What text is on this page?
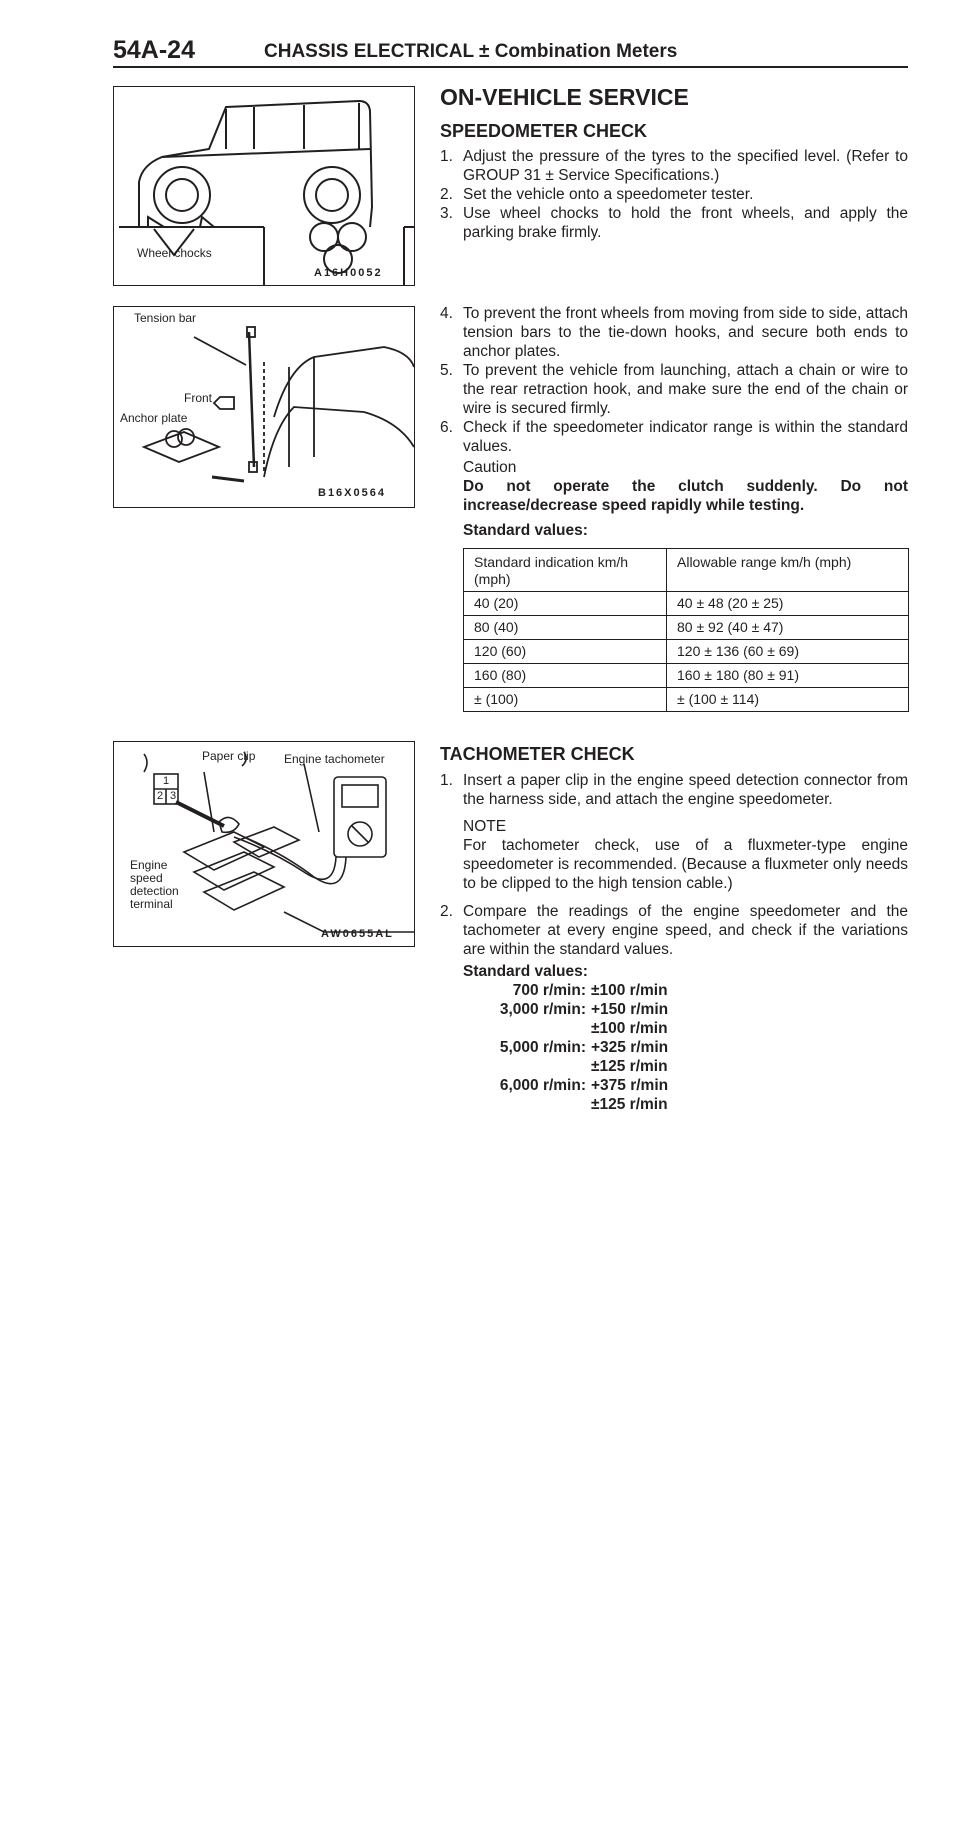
54A-24	CHASSIS ELECTRICAL ± Combination Meters
Wheel chocks
A16H0052
Tension bar
Front
Anchor plate
B16X0564
1
2 3
Paper clip Engine tachometer
Engine
speed
detection
terminal
AW0655AL
ON-VEHICLE SERVICE
SPEEDOMETER CHECK
1. Adjust the pressure of the tyres to the specified level. (Refer to GROUP 31 ± Service Specifications.)
2. Set the vehicle onto a speedometer tester.
3. Use wheel chocks to hold the front wheels, and apply the parking brake firmly.
4. To prevent the front wheels from moving from side to side, attach tension bars to the tie-down hooks, and secure both ends to anchor plates.
5. To prevent the vehicle from launching, attach a chain or wire to the rear retraction hook, and make sure the end of the chain or wire is secured firmly.
6. Check if the speedometer indicator range is within the standard values.
Caution
Do not operate the clutch suddenly. Do not increase/decrease speed rapidly while testing.
Standard values:
Standard indication km/h (mph)	Allowable range km/h (mph)
40 (20)	40 ± 48 (20 ± 25)
80 (40)	80 ± 92 (40 ± 47)
120 (60)	120 ± 136 (60 ± 69)
160 (80)	160 ± 180 (80 ± 91)
± (100)	± (100 ± 114)
TACHOMETER CHECK
1. Insert a paper clip in the engine speed detection connector from the harness side, and attach the engine speedometer.
NOTE
For tachometer check, use of a fluxmeter-type engine speedometer is recommended. (Because a fluxmeter only needs to be clipped to the high tension cable.)
2. Compare the readings of the engine speedometer and the tachometer at every engine speed, and check if the variations are within the standard values.
Standard values:
700 r/min: ±100 r/min
3,000 r/min: +150 r/min
±100 r/min
5,000 r/min: +325 r/min
±125 r/min
6,000 r/min: +375 r/min
±125 r/min
